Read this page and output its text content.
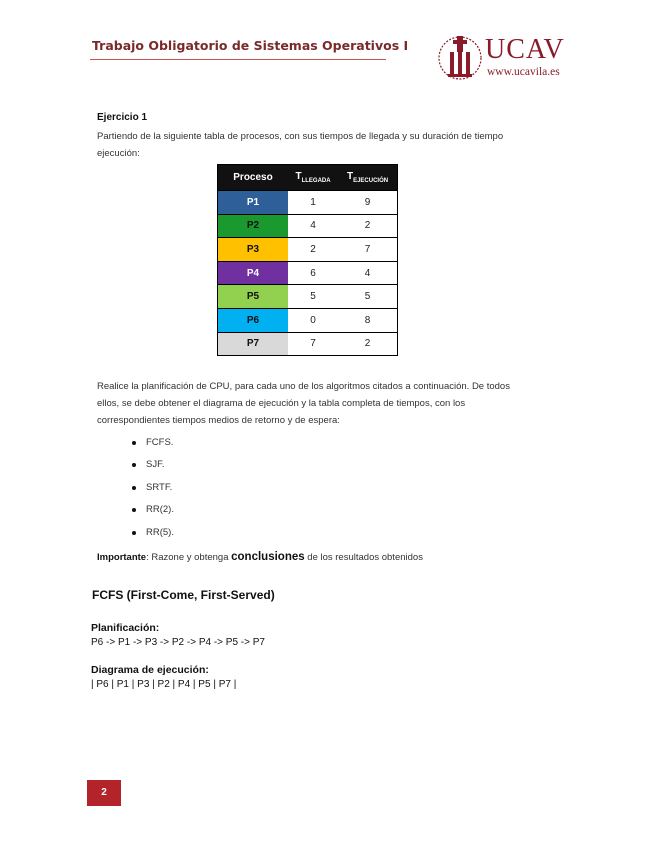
Trabajo Obligatorio de Sistemas Operativos I	UCAV
www.ucavila.es
Ejercicio 1
Partiendo de la siguiente tabla de procesos, con sus tiempos de llegada y su duración de tiempo ejecución:
Proceso	$T_{LLEGADA}$	$T_{EJECUCIÓN}$
P1	1	9
P2	4	2
P3	2	7
P4	6	4
P5	5	5
P6	0	8
P7	7	2
Realice la planificación de CPU, para cada uno de los algoritmos citados a continuación. De todos ellos, se debe obtener el diagrama de ejecución y la tabla completa de tiempos, con los correspondientes tiempos medios de retorno y de espera:
FCFS.
SJF.
SRTF.
RR(2).
RR(5).
Importante: Razone y obtenga conclusiones de los resultados obtenidos
FCFS (First-Come, First-Served)
Planificación:
P6 -> P1 -> P3 -> P2 -> P4 -> P5 -> P7
Diagrama de ejecución:
| P6 | P1 | P3 | P2 | P4 | P5 | P7 |
2
